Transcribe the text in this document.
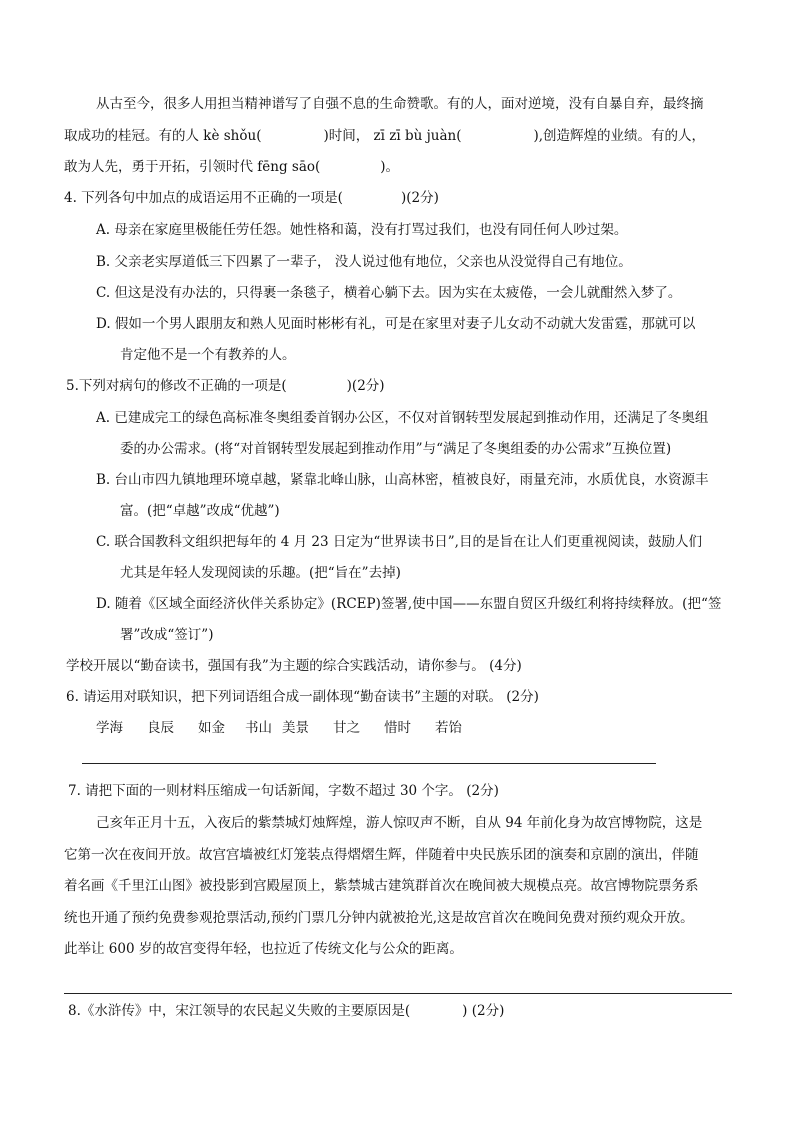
从古至今，很多人用担当精神谱写了自强不息的生命赞歌。有的人，面对逆境，没有自暴自弃，最终摘
取成功的桂冠。有的人 kè shǒu(	)时间， zī zī bù juàn(	),创造辉煌的业绩。有的人，
敢为人先，勇于开拓，引领时代 fēng sāo(	)。
4. 下列各句中加点的成语运用不正确的一项是(	)(2分)
A. 母亲在家庭里极能任劳任怨。她性格和蔼，没有打骂过我们，也没有同任何人吵过架。
B. 父亲老实厚道低三下四累了一辈子， 没人说过他有地位，父亲也从没觉得自己有地位。
C. 但这是没有办法的，只得裹一条毯子，横着心躺下去。因为实在太疲倦，一会儿就酣然入梦了。
D. 假如一个男人跟朋友和熟人见面时彬彬有礼，可是在家里对妻子儿女动不动就大发雷霆，那就可以
肯定他不是一个有教养的人。
5.下列对病句的修改不正确的一项是(	)(2分)
A. 已建成完工的绿色高标准冬奥组委首钢办公区，不仅对首钢转型发展起到推动作用，还满足了冬奥组
委的办公需求。(将“对首钢转型发展起到推动作用”与“满足了冬奥组委的办公需求”互换位置)
B. 台山市四九镇地理环境卓越，紧靠北峰山脉，山高林密，植被良好，雨量充沛，水质优良，水资源丰
富。(把“卓越”改成“优越”)
C. 联合国教科文组织把每年的 4 月 23 日定为“世界读书日”,目的是旨在让人们更重视阅读，鼓励人们
尤其是年轻人发现阅读的乐趣。(把“旨在”去掉)
D. 随着《区域全面经济伙伴关系协定》(RCEP)签署,使中国——东盟自贸区升级红利将持续释放。(把“签
署”改成“签订”)
学校开展以“勤奋读书，强国有我”为主题的综合实践活动，请你参与。 (4分)
6. 请运用对联知识，把下列词语组合成一副体现“勤奋读书”主题的对联。 (2分)
学海 良辰 如金 书山 美景 甘之 惜时 若饴
7. 请把下面的一则材料压缩成一句话新闻，字数不超过 30 个字。 (2分)
己亥年正月十五，入夜后的紫禁城灯烛辉煌，游人惊叹声不断，自从 94 年前化身为故宫博物院，这是
它第一次在夜间开放。故宫宫墙被红灯笼装点得熠熠生辉，伴随着中央民族乐团的演奏和京剧的演出，伴随
着名画《千里江山图》被投影到宫殿屋顶上，紫禁城古建筑群首次在晚间被大规模点亮。故宫博物院票务系
统也开通了预约免费参观抢票活动,预约门票几分钟内就被抢光,这是故宫首次在晚间免费对预约观众开放。
此举让 600 岁的故宫变得年轻，也拉近了传统文化与公众的距离。
8.《水浒传》中，宋江领导的农民起义失败的主要原因是(	) (2分)
